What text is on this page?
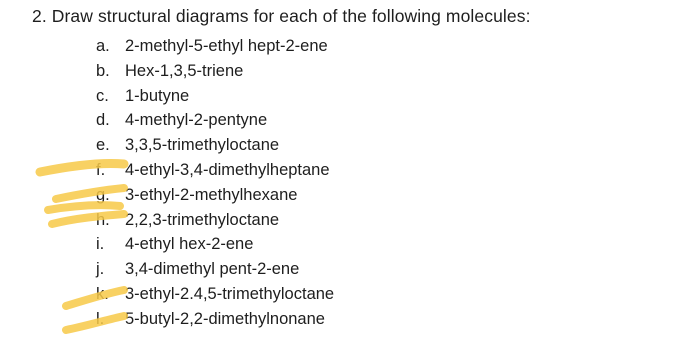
2. Draw structural diagrams for each of the following molecules:
a. 2-methyl-5-ethyl hept-2-ene
b. Hex-1,3,5-triene
c. 1-butyne
d. 4-methyl-2-pentyne
e. 3,3,5-trimethyloctane
f.	4-ethyl-3,4-dimethylheptane
g. 3-ethyl-2-methylhexane
h. 2,2,3-trimethyloctane
i.	4-ethyl hex-2-ene
j.	3,4-dimethyl pent-2-ene
k. 3-ethyl-2.4,5-trimethyloctane
l.	5-butyl-2,2-dimethylnonane
